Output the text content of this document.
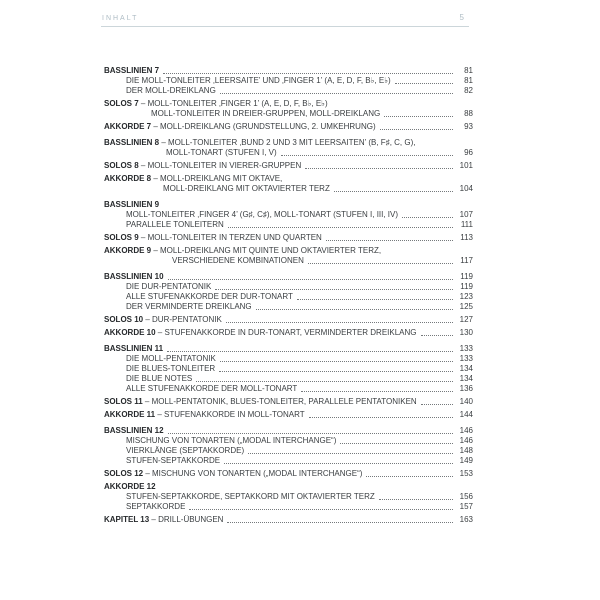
INHALT	5
BASSLINIEN 7	81
DIE MOLL-TONLEITER ‚LEERSAITE’ UND ‚FINGER 1’ (A, E, D, F, B♭, E♭)	81
DER MOLL-DREIKLANG	82
SOLOS 7 – MOLL-TONLEITER ‚FINGER 1’ (A, E, D, F, B♭, E♭)
MOLL-TONLEITER IN DREIER-GRUPPEN, MOLL-DREIKLANG	88
AKKORDE 7 – MOLL-DREIKLANG (GRUNDSTELLUNG, 2. UMKEHRUNG)	93
BASSLINIEN 8 – MOLL-TONLEITER ‚BUND 2 UND 3 MIT LEERSAITEN’ (B, F♯, C, G),
MOLL-TONART (STUFEN I, V)	96
SOLOS 8 – MOLL-TONLEITER IN VIERER-GRUPPEN	101
AKKORDE 8 – MOLL-DREIKLANG MIT OKTAVE,
MOLL-DREIKLANG MIT OKTAVIERTER TERZ	104
BASSLINIEN 9
MOLL-TONLEITER ‚FINGER 4’ (G♯, C♯), MOLL-TONART (STUFEN I, III, IV)	107
PARALLELE TONLEITERN	111
SOLOS 9 – MOLL-TONLEITER IN TERZEN UND QUARTEN	113
AKKORDE 9 – MOLL-DREIKLANG MIT QUINTE UND OKTAVIERTER TERZ,
VERSCHIEDENE KOMBINATIONEN	117
BASSLINIEN 10	119
DIE DUR-PENTATONIK	119
ALLE STUFENAKKORDE DER DUR-TONART	123
DER VERMINDERTE DREIKLANG	125
SOLOS 10 – DUR-PENTATONIK	127
AKKORDE 10 – STUFENAKKORDE IN DUR-TONART, VERMINDERTER DREIKLANG	130
BASSLINIEN 11	133
DIE MOLL-PENTATONIK	133
DIE BLUES-TONLEITER	134
DIE BLUE NOTES	134
ALLE STUFENAKKORDE DER MOLL-TONART	136
SOLOS 11 – MOLL-PENTATONIK, BLUES-TONLEITER, PARALLELE PENTATONIKEN	140
AKKORDE 11 – STUFENAKKORDE IN MOLL-TONART	144
BASSLINIEN 12	146
MISCHUNG VON TONARTEN („MODAL INTERCHANGE“)	146
VIERKLÄNGE (SEPTAKKORDE)	148
STUFEN-SEPTAKKORDE	149
SOLOS 12 – MISCHUNG VON TONARTEN („MODAL INTERCHANGE“)	153
AKKORDE 12
STUFEN-SEPTAKKORDE, SEPTAKKORD MIT OKTAVIERTER TERZ	156
SEPTAKKORDE	157
KAPITEL 13 – DRILL-ÜBUNGEN	163
